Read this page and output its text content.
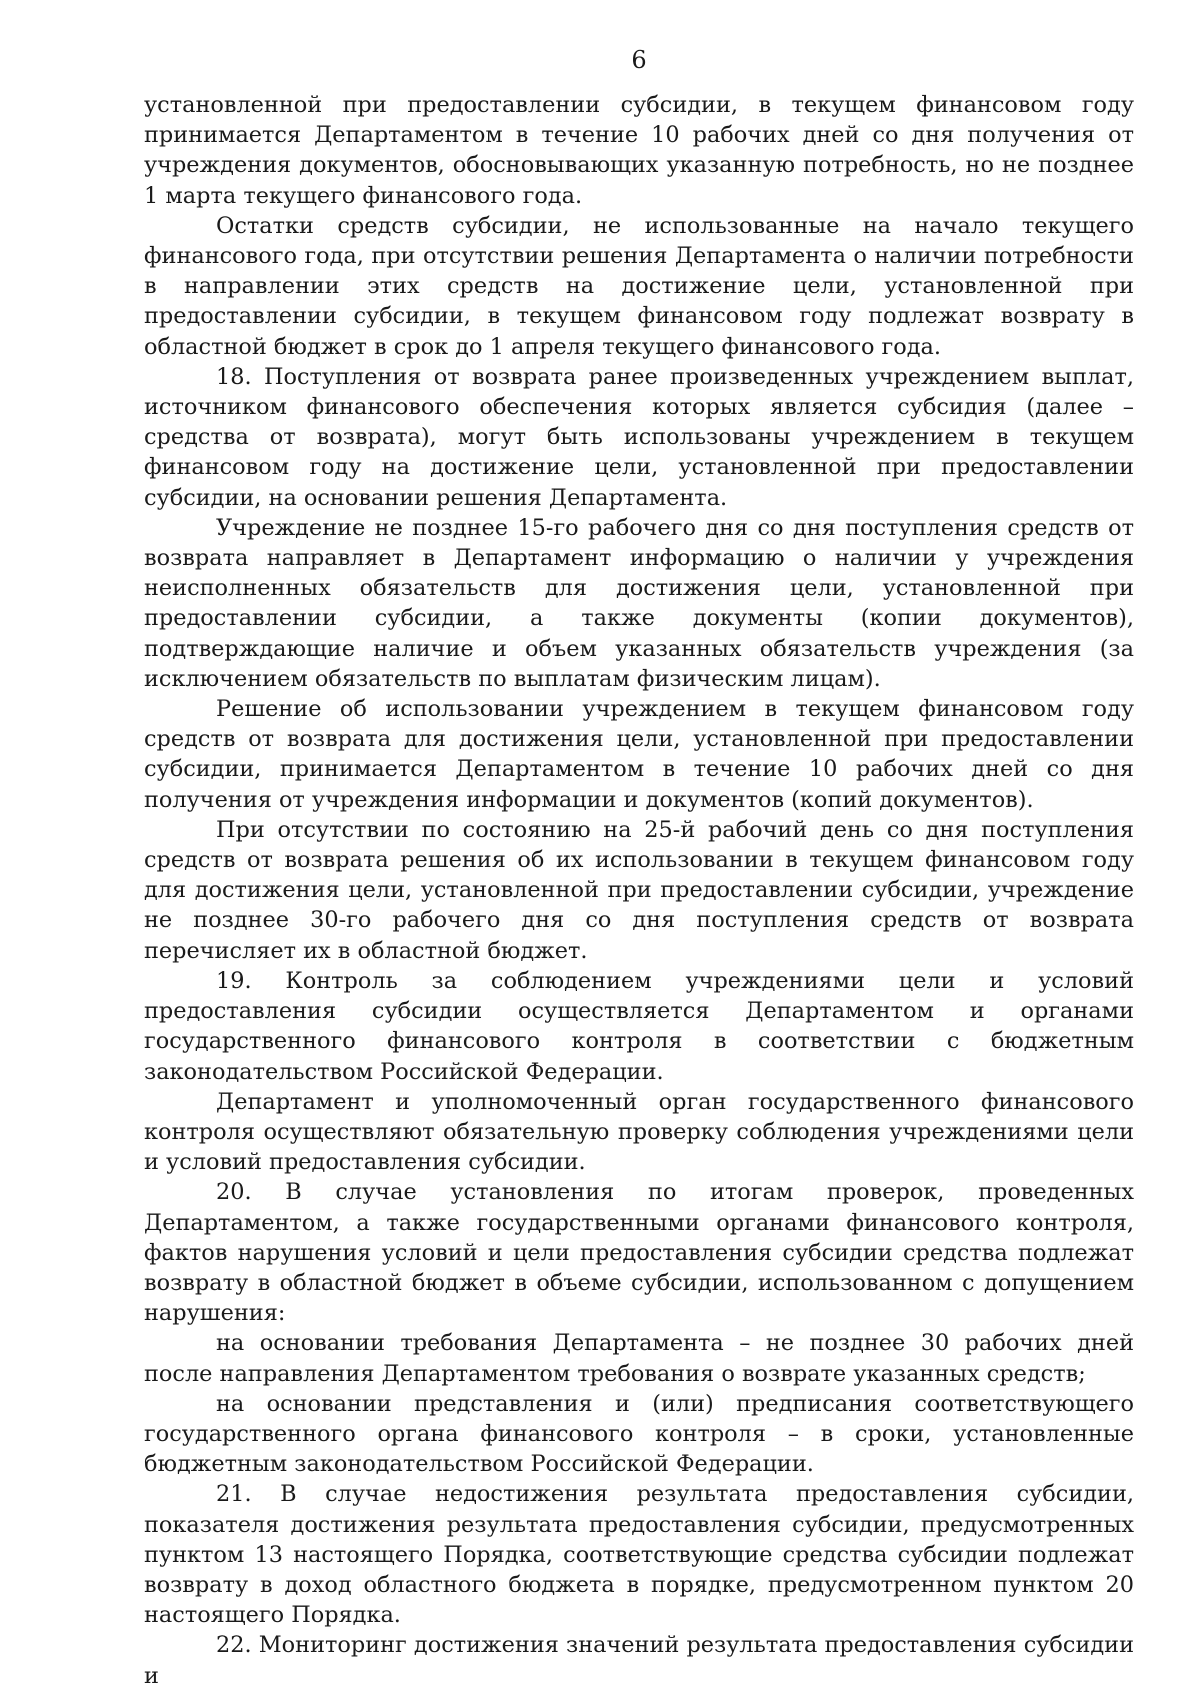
6

установленной при предоставлении субсидии, в текущем финансовом году принимается Департаментом в течение 10 рабочих дней со дня получения от учреждения документов, обосновывающих указанную потребность, но не позднее 1 марта текущего финансового года.

Остатки средств субсидии, не использованные на начало текущего финансового года, при отсутствии решения Департамента о наличии потребности в направлении этих средств на достижение цели, установленной при предоставлении субсидии, в текущем финансовом году подлежат возврату в областной бюджет в срок до 1 апреля текущего финансового года.

18. Поступления от возврата ранее произведенных учреждением выплат, источником финансового обеспечения которых является субсидия (далее – средства от возврата), могут быть использованы учреждением в текущем финансовом году на достижение цели, установленной при предоставлении субсидии, на основании решения Департамента.

Учреждение не позднее 15-го рабочего дня со дня поступления средств от возврата направляет в Департамент информацию о наличии у учреждения неисполненных обязательств для достижения цели, установленной при предоставлении субсидии, а также документы (копии документов), подтверждающие наличие и объем указанных обязательств учреждения (за исключением обязательств по выплатам физическим лицам).

Решение об использовании учреждением в текущем финансовом году средств от возврата для достижения цели, установленной при предоставлении субсидии, принимается Департаментом в течение 10 рабочих дней со дня получения от учреждения информации и документов (копий документов).

При отсутствии по состоянию на 25-й рабочий день со дня поступления средств от возврата решения об их использовании в текущем финансовом году для достижения цели, установленной при предоставлении субсидии, учреждение не позднее 30-го рабочего дня со дня поступления средств от возврата перечисляет их в областной бюджет.

19. Контроль за соблюдением учреждениями цели и условий предоставления субсидии осуществляется Департаментом и органами государственного финансового контроля в соответствии с бюджетным законодательством Российской Федерации.

Департамент и уполномоченный орган государственного финансового контроля осуществляют обязательную проверку соблюдения учреждениями цели и условий предоставления субсидии.

20. В случае установления по итогам проверок, проведенных Департаментом, а также государственными органами финансового контроля, фактов нарушения условий и цели предоставления субсидии средства подлежат возврату в областной бюджет в объеме субсидии, использованном с допущением нарушения:

на основании требования Департамента – не позднее 30 рабочих дней после направления Департаментом требования о возврате указанных средств;

на основании представления и (или) предписания соответствующего государственного органа финансового контроля – в сроки, установленные бюджетным законодательством Российской Федерации.

21. В случае недостижения результата предоставления субсидии, показателя достижения результата предоставления субсидии, предусмотренных пунктом 13 настоящего Порядка, соответствующие средства субсидии подлежат возврату в доход областного бюджета в порядке, предусмотренном пунктом 20 настоящего Порядка.

22. Мониторинг достижения значений результата предоставления субсидии и
